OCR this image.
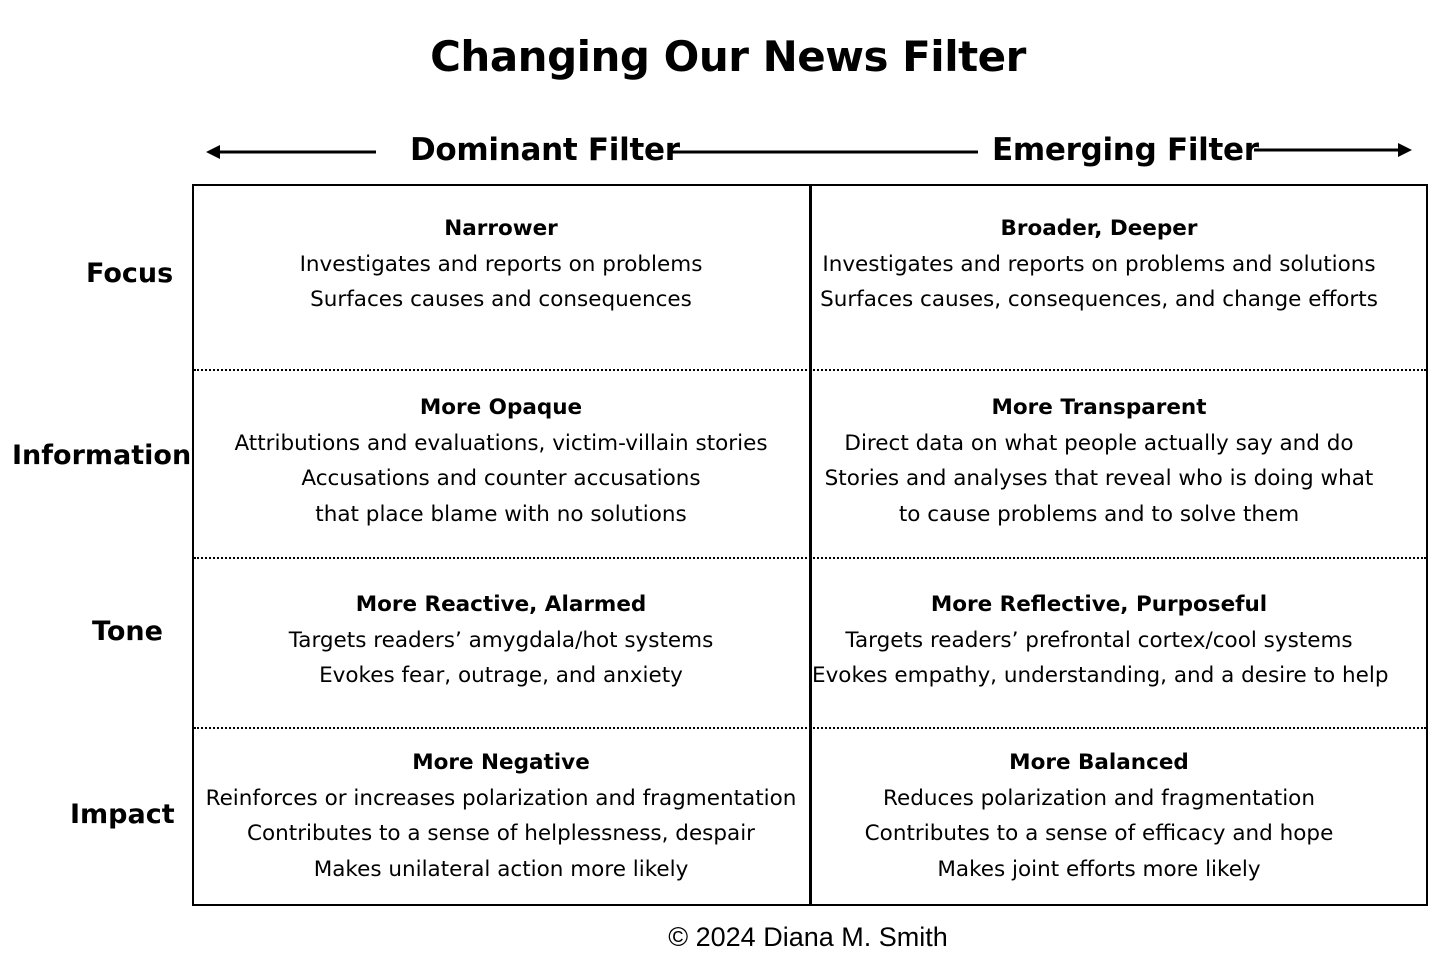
Changing Our News Filter
Dominant Filter	Emerging Filter
Focus
Information
Tone
Impact
Narrower
Investigates and reports on problems
Surfaces causes and consequences
Broader, Deeper
Investigates and reports on problems and solutions
Surfaces causes, consequences, and change efforts
More Opaque
Attributions and evaluations, victim-villain stories
Accusations and counter accusations
that place blame with no solutions
More Transparent
Direct data on what people actually say and do
Stories and analyses that reveal who is doing what
to cause problems and to solve them
More Reactive, Alarmed
Targets readers’ amygdala/hot systems
Evokes fear, outrage, and anxiety
More Reflective, Purposeful
Targets readers’ prefrontal cortex/cool systems
Evokes empathy, understanding, and a desire to help
More Negative
Reinforces or increases polarization and fragmentation
Contributes to a sense of helplessness, despair
Makes unilateral action more likely
More Balanced
Reduces polarization and fragmentation
Contributes to a sense of efficacy and hope
Makes joint efforts more likely
© 2024 Diana M. Smith
